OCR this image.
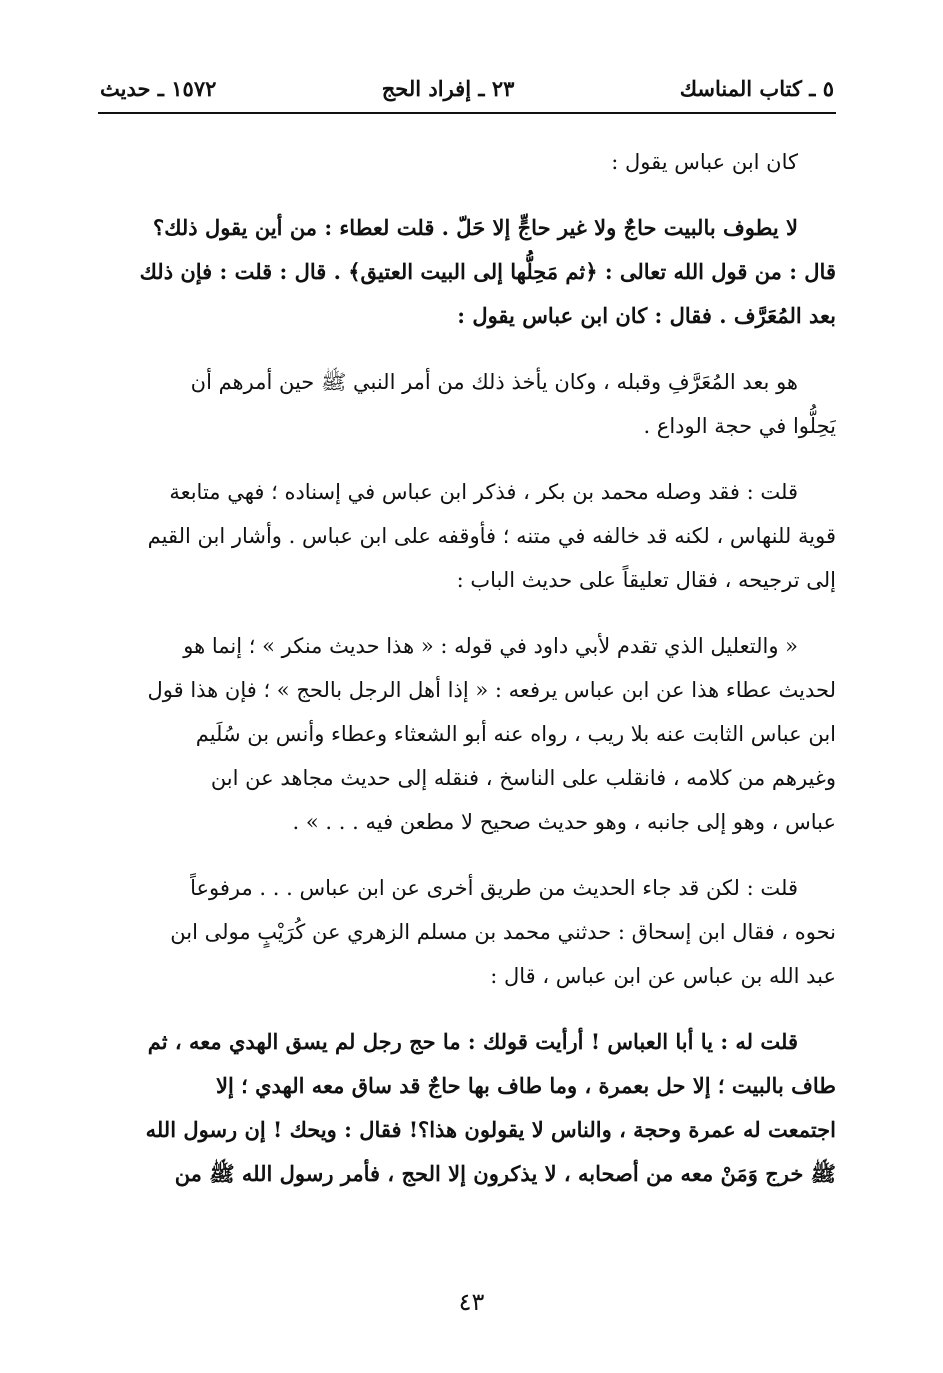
٥ ـ كتاب المناسك
٢٣ ـ إفراد الحج
١٥٧٢ ـ حديث

كان ابن عباس يقول :

لا يطوف بالبيت حاجٌ ولا غير حاجٍّ إلا حَلّ . قلت لعطاء : من أين يقول ذلك؟
قال : من قول الله تعالى : ﴿ثم مَحِلُّها إلى البيت العتيق﴾ . قال : قلت : فإن ذلك
بعد المُعَرَّف . فقال : كان ابن عباس يقول :

هو بعد المُعَرَّفِ وقبله ، وكان يأخذ ذلك من أمر النبي ﷺ حين أمرهم أن
يَحِلُّوا في حجة الوداع .

قلت : فقد وصله محمد بن بكر ، فذكر ابن عباس في إسناده ؛ فهي متابعة
قوية للنهاس ، لكنه قد خالفه في متنه ؛ فأوقفه على ابن عباس . وأشار ابن القيم
إلى ترجيحه ، فقال تعليقاً على حديث الباب :

« والتعليل الذي تقدم لأبي داود في قوله : « هذا حديث منكر » ؛ إنما هو
لحديث عطاء هذا عن ابن عباس يرفعه : « إذا أهل الرجل بالحج » ؛ فإن هذا قول
ابن عباس الثابت عنه بلا ريب ، رواه عنه أبو الشعثاء وعطاء وأنس بن سُلَيم
وغيرهم من كلامه ، فانقلب على الناسخ ، فنقله إلى حديث مجاهد عن ابن
عباس ، وهو إلى جانبه ، وهو حديث صحيح لا مطعن فيه . . . » .

قلت : لكن قد جاء الحديث من طريق أخرى عن ابن عباس . . . مرفوعاً
نحوه ، فقال ابن إسحاق : حدثني محمد بن مسلم الزهري عن كُرَيْبٍ مولى ابن
عبد الله بن عباس عن ابن عباس ، قال :

قلت له : يا أبا العباس ! أرأيت قولك : ما حج رجل لم يسق الهدي معه ، ثم
طاف بالبيت ؛ إلا حل بعمرة ، وما طاف بها حاجٌ قد ساق معه الهدي ؛ إلا
اجتمعت له عمرة وحجة ، والناس لا يقولون هذا؟! فقال : ويحك ! إن رسول الله
ﷺ خرج وَمَنْ معه من أصحابه ، لا يذكرون إلا الحج ، فأمر رسول الله ﷺ من

٤٣
